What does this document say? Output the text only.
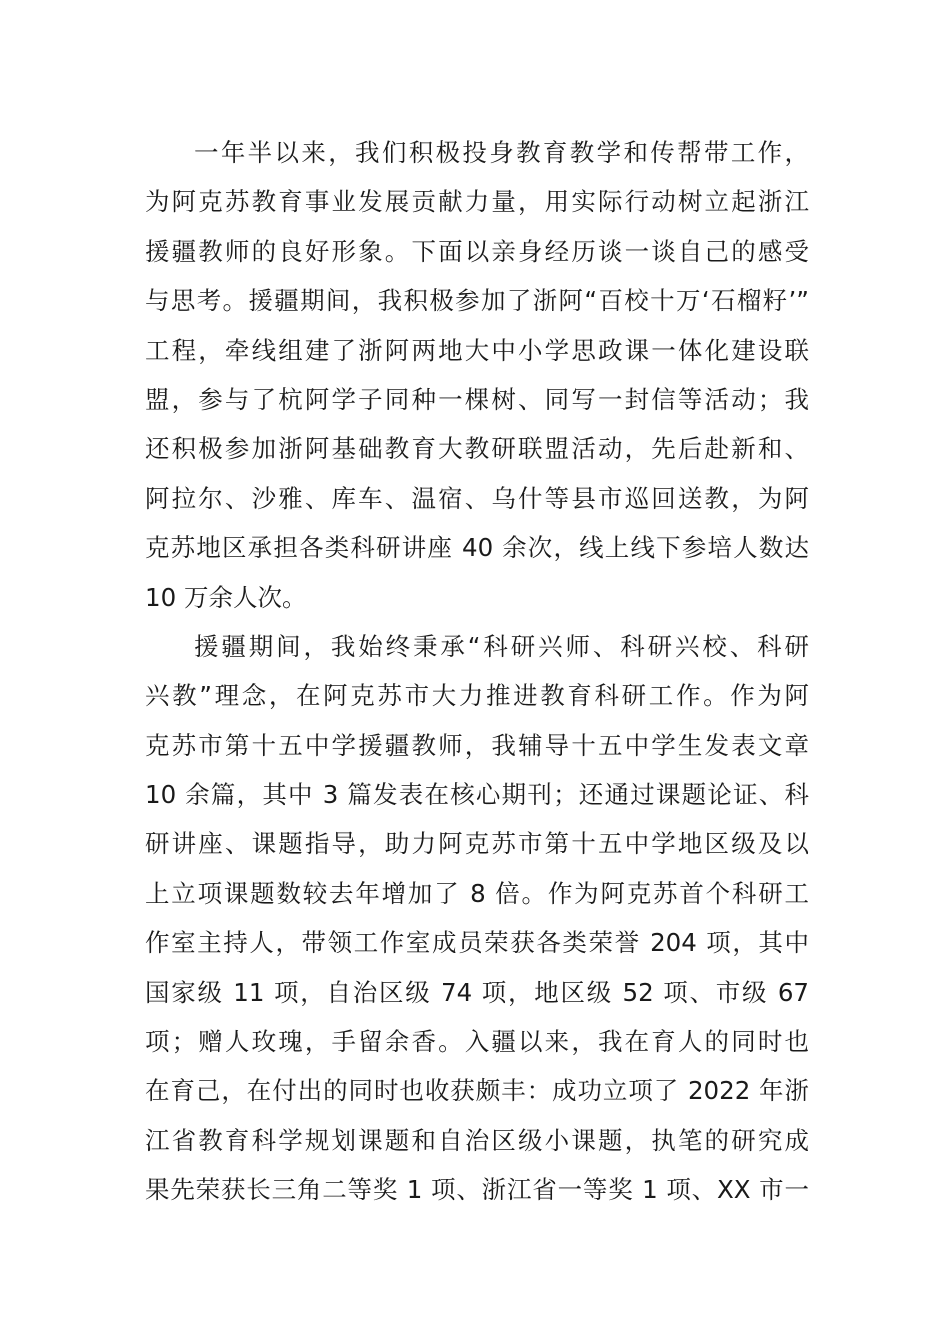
一年半以来，我们积极投身教育教学和传帮带工作，
为阿克苏教育事业发展贡献力量，用实际行动树立起浙江
援疆教师的良好形象。下面以亲身经历谈一谈自己的感受
与思考。援疆期间，我积极参加了浙阿“百校十万‘石榴籽’”
工程，牵线组建了浙阿两地大中小学思政课一体化建设联
盟，参与了杭阿学子同种一棵树、同写一封信等活动；我
还积极参加浙阿基础教育大教研联盟活动，先后赴新和、
阿拉尔、沙雅、库车、温宿、乌什等县市巡回送教，为阿
克苏地区承担各类科研讲座 40 余次，线上线下参培人数达
10 万余人次。
援疆期间，我始终秉承“科研兴师、科研兴校、科研
兴教”理念，在阿克苏市大力推进教育科研工作。作为阿
克苏市第十五中学援疆教师，我辅导十五中学生发表文章
10 余篇，其中 3 篇发表在核心期刊；还通过课题论证、科
研讲座、课题指导，助力阿克苏市第十五中学地区级及以
上立项课题数较去年增加了 8 倍。作为阿克苏首个科研工
作室主持人，带领工作室成员荣获各类荣誉 204 项，其中
国家级 11 项，自治区级 74 项，地区级 52 项、市级 67
项；赠人玫瑰，手留余香。入疆以来，我在育人的同时也
在育己，在付出的同时也收获颇丰：成功立项了 2022 年浙
江省教育科学规划课题和自治区级小课题，执笔的研究成
果先荣获长三角二等奖 1 项、浙江省一等奖 1 项、XX 市一
